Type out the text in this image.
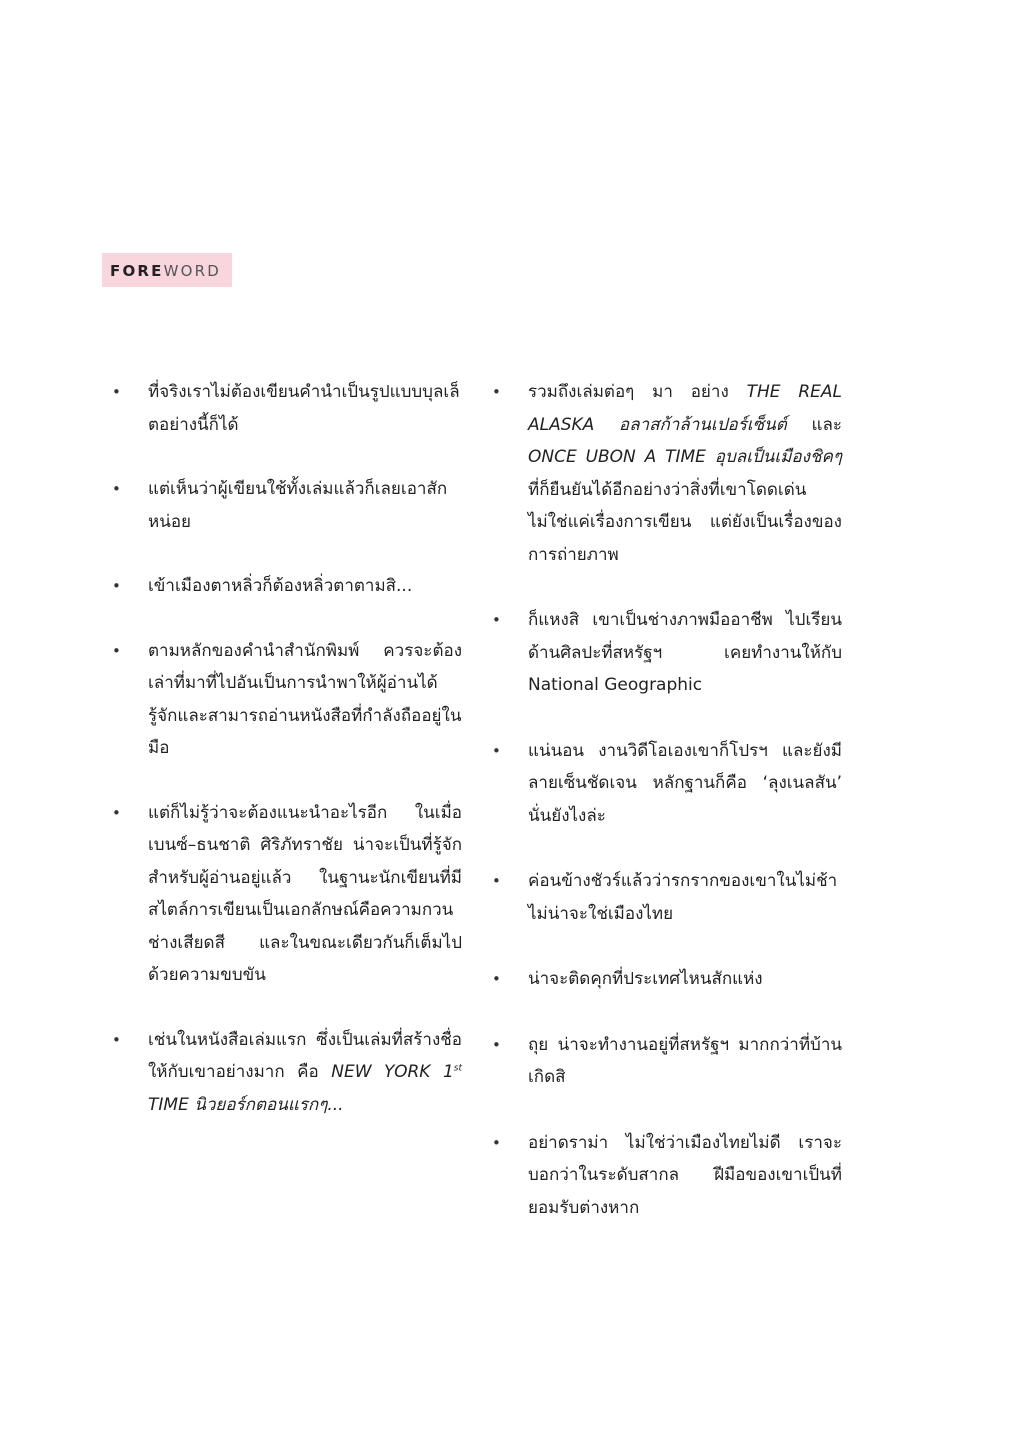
FOREWORD
• ที่จริงเราไม่ต้องเขียนคำนำเป็นรูปแบบบุลเล็ตอย่างนี้ก็ได้
• แต่เห็นว่าผู้เขียนใช้ทั้งเล่มแล้วก็เลยเอาสักหน่อย
• เข้าเมืองตาหลิ่วก็ต้องหลิ่วตาตามสิ...
• ตามหลักของคำนำสำนักพิมพ์ ควรจะต้องเล่าที่มาที่ไปอันเป็นการนำพาให้ผู้อ่านได้รู้จักและสามารถอ่านหนังสือที่กำลังถืออยู่ในมือ
• แต่ก็ไม่รู้ว่าจะต้องแนะนำอะไรอีก ในเมื่อเบนซ์–ธนชาติ ศิริภัทราชัย น่าจะเป็นที่รู้จักสำหรับผู้อ่านอยู่แล้ว ในฐานะนักเขียนที่มีสไตล์การเขียนเป็นเอกลักษณ์คือความกวน ช่างเสียดสี และในขณะเดียวกันก็เต็มไปด้วยความขบขัน
• เช่นในหนังสือเล่มแรก ซึ่งเป็นเล่มที่สร้างชื่อให้กับเขาอย่างมาก คือ NEW YORK 1st TIME นิวยอร์กตอนแรกๆ...
• รวมถึงเล่มต่อๆ มา อย่าง THE REAL ALASKA อลาสก้าล้านเปอร์เซ็นต์ และ ONCE UBON A TIME อุบลเป็นเมืองชิคๆ ที่ก็ยืนยันได้อีกอย่างว่าสิ่งที่เขาโดดเด่นไม่ใช่แค่เรื่องการเขียน แต่ยังเป็นเรื่องของการถ่ายภาพ
• ก็แหงสิ เขาเป็นช่างภาพมืออาชีพ ไปเรียนด้านศิลปะที่สหรัฐฯ เคยทำงานให้กับ National Geographic
• แน่นอน งานวิดีโอเองเขาก็โปรฯ และยังมีลายเซ็นชัดเจน หลักฐานก็คือ ‘ลุงเนลสัน’ นั่นยังไงล่ะ
• ค่อนข้างชัวร์แล้วว่ารกรากของเขาในไม่ช้าไม่น่าจะใช่เมืองไทย
• น่าจะติดคุกที่ประเทศไหนสักแห่ง
• ถุย น่าจะทำงานอยู่ที่สหรัฐฯ มากกว่าที่บ้านเกิดสิ
• อย่าดราม่า ไม่ใช่ว่าเมืองไทยไม่ดี เราจะบอกว่าในระดับสากล ฝีมือของเขาเป็นที่ยอมรับต่างหาก
